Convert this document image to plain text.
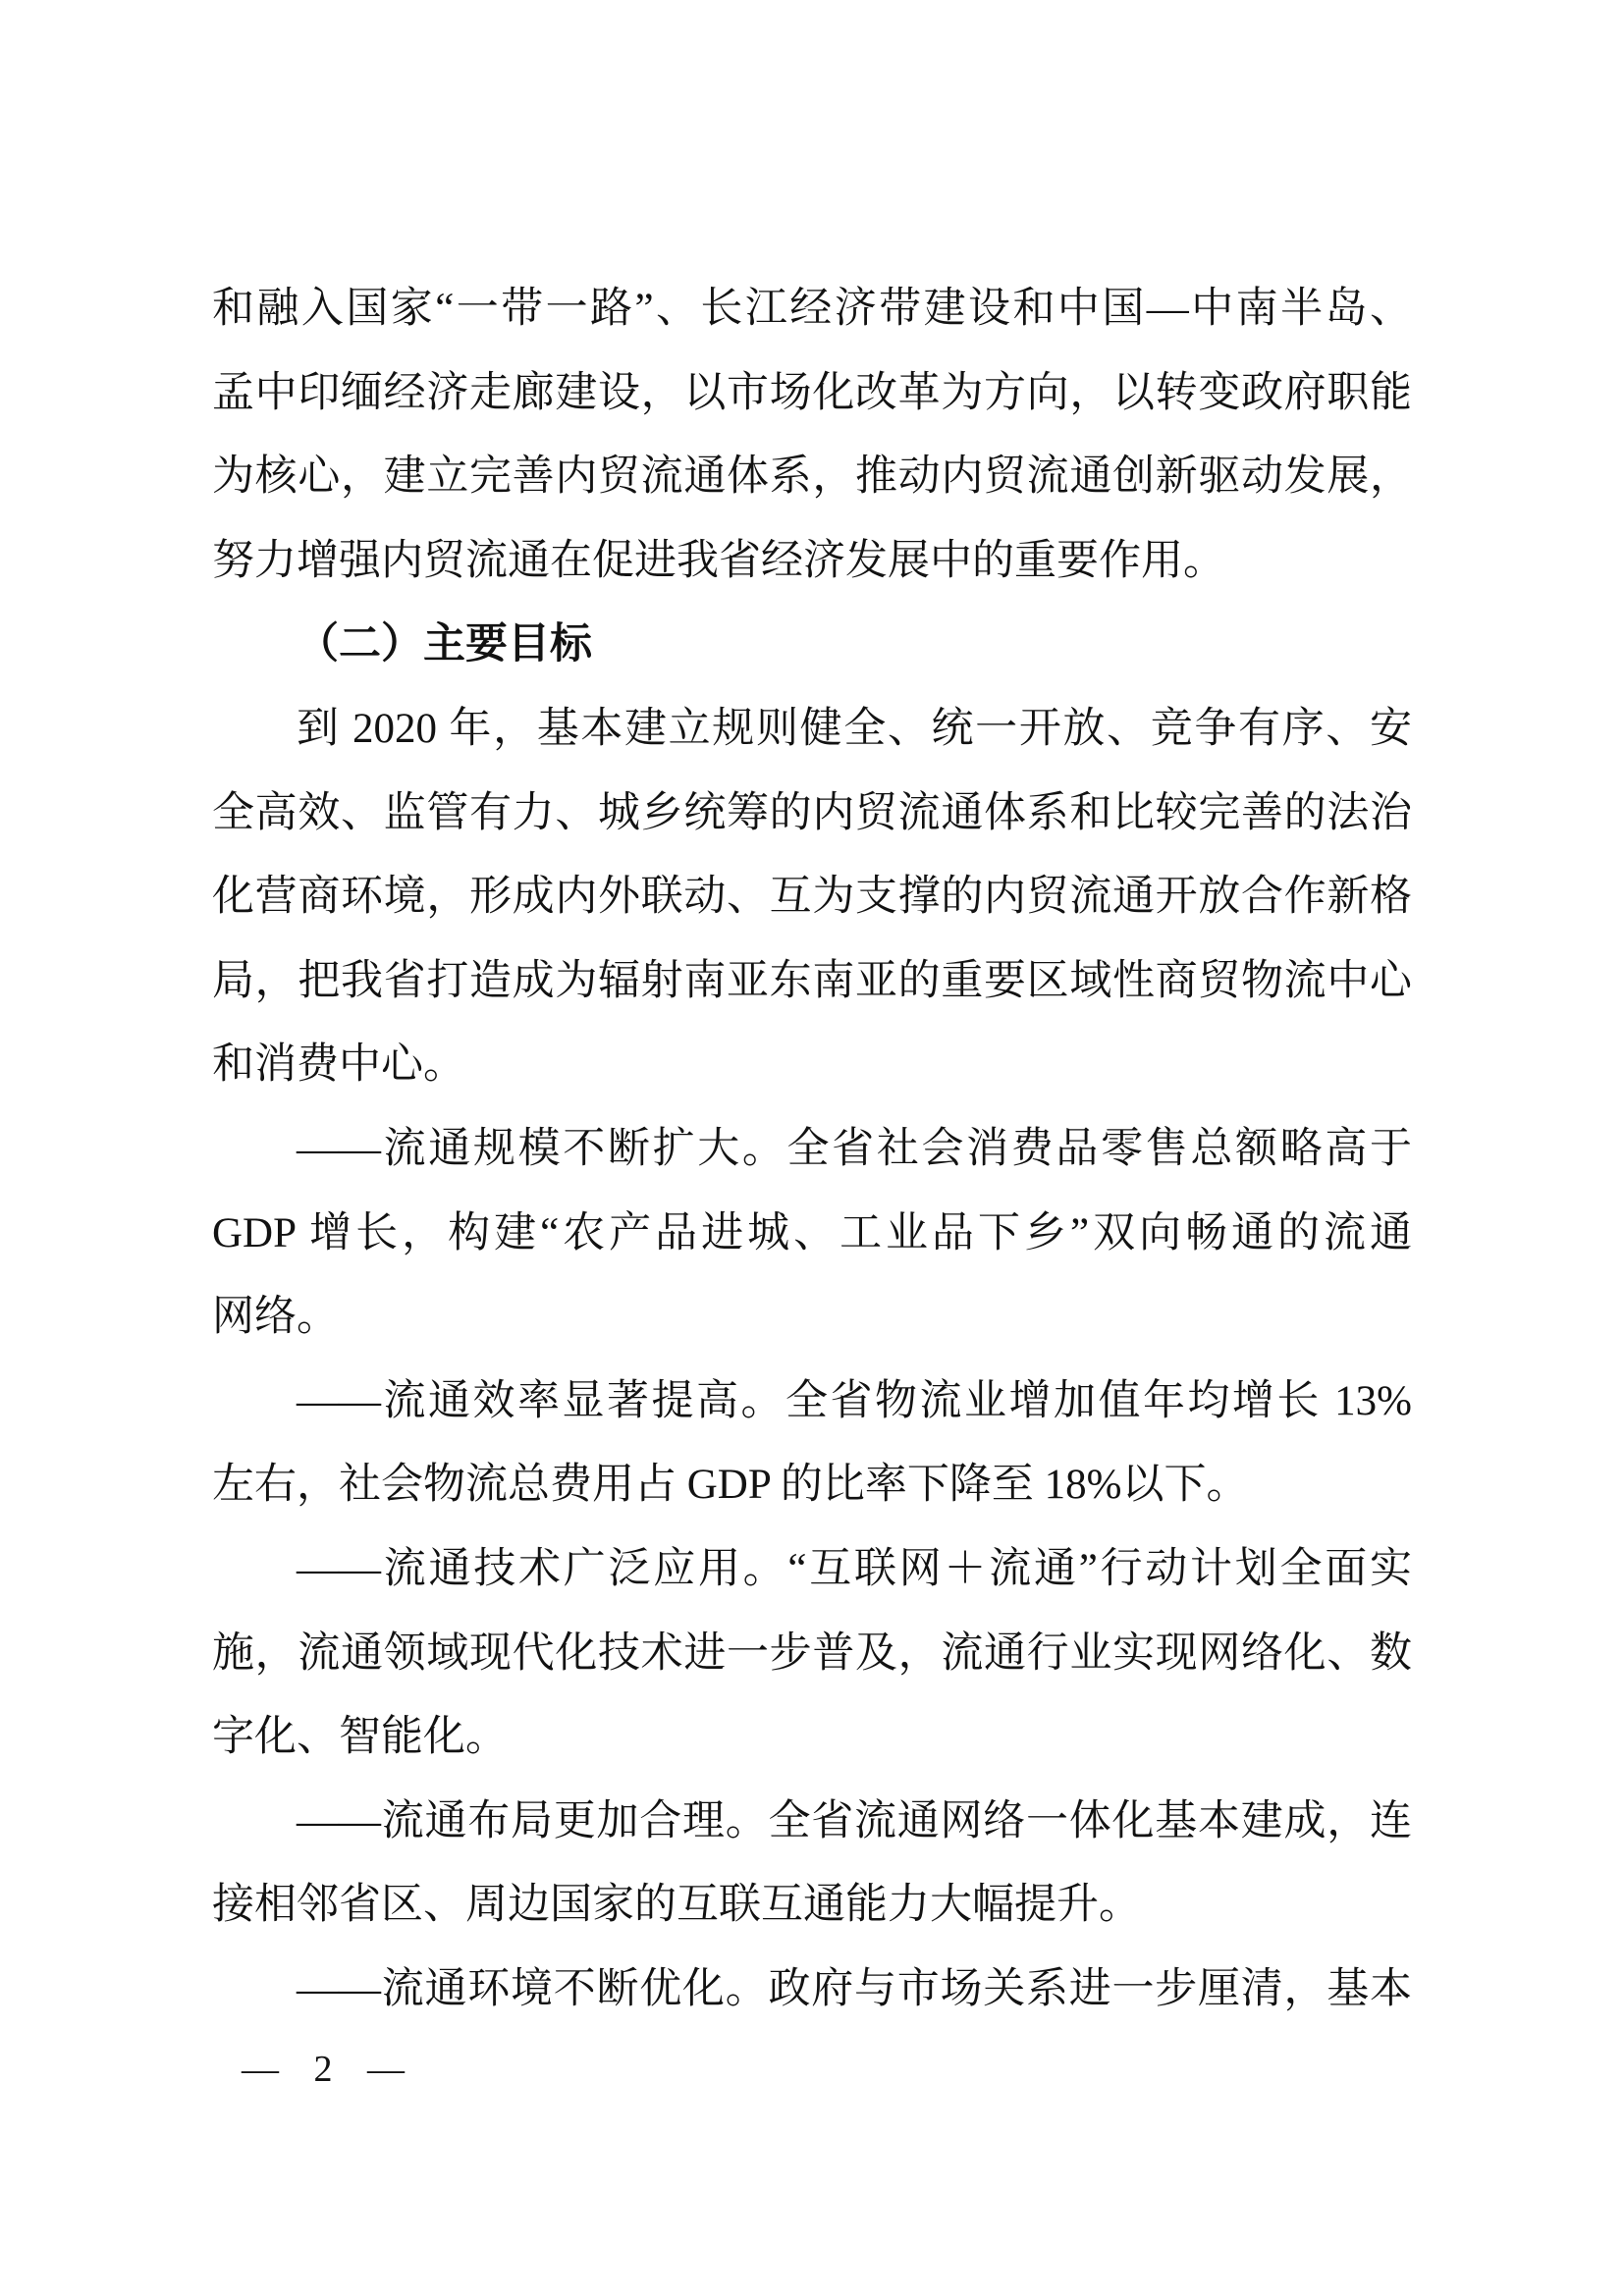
和融入国家“一带一路”、长江经济带建设和中国—中南半岛、
孟中印缅经济走廊建设，以市场化改革为方向，以转变政府职能
为核心，建立完善内贸流通体系，推动内贸流通创新驱动发展，
努力增强内贸流通在促进我省经济发展中的重要作用。
（二）主要目标
到 2020 年，基本建立规则健全、统一开放、竞争有序、安
全高效、监管有力、城乡统筹的内贸流通体系和比较完善的法治
化营商环境，形成内外联动、互为支撑的内贸流通开放合作新格
局，把我省打造成为辐射南亚东南亚的重要区域性商贸物流中心
和消费中心。
——流通规模不断扩大。全省社会消费品零售总额略高于
GDP 增长，构建“农产品进城、工业品下乡”双向畅通的流通
网络。
——流通效率显著提高。全省物流业增加值年均增长 13%
左右，社会物流总费用占 GDP 的比率下降至 18%以下。
——流通技术广泛应用。“互联网＋流通”行动计划全面实
施，流通领域现代化技术进一步普及，流通行业实现网络化、数
字化、智能化。
——流通布局更加合理。全省流通网络一体化基本建成，连
接相邻省区、周边国家的互联互通能力大幅提升。
——流通环境不断优化。政府与市场关系进一步厘清，基本
— 2 —
